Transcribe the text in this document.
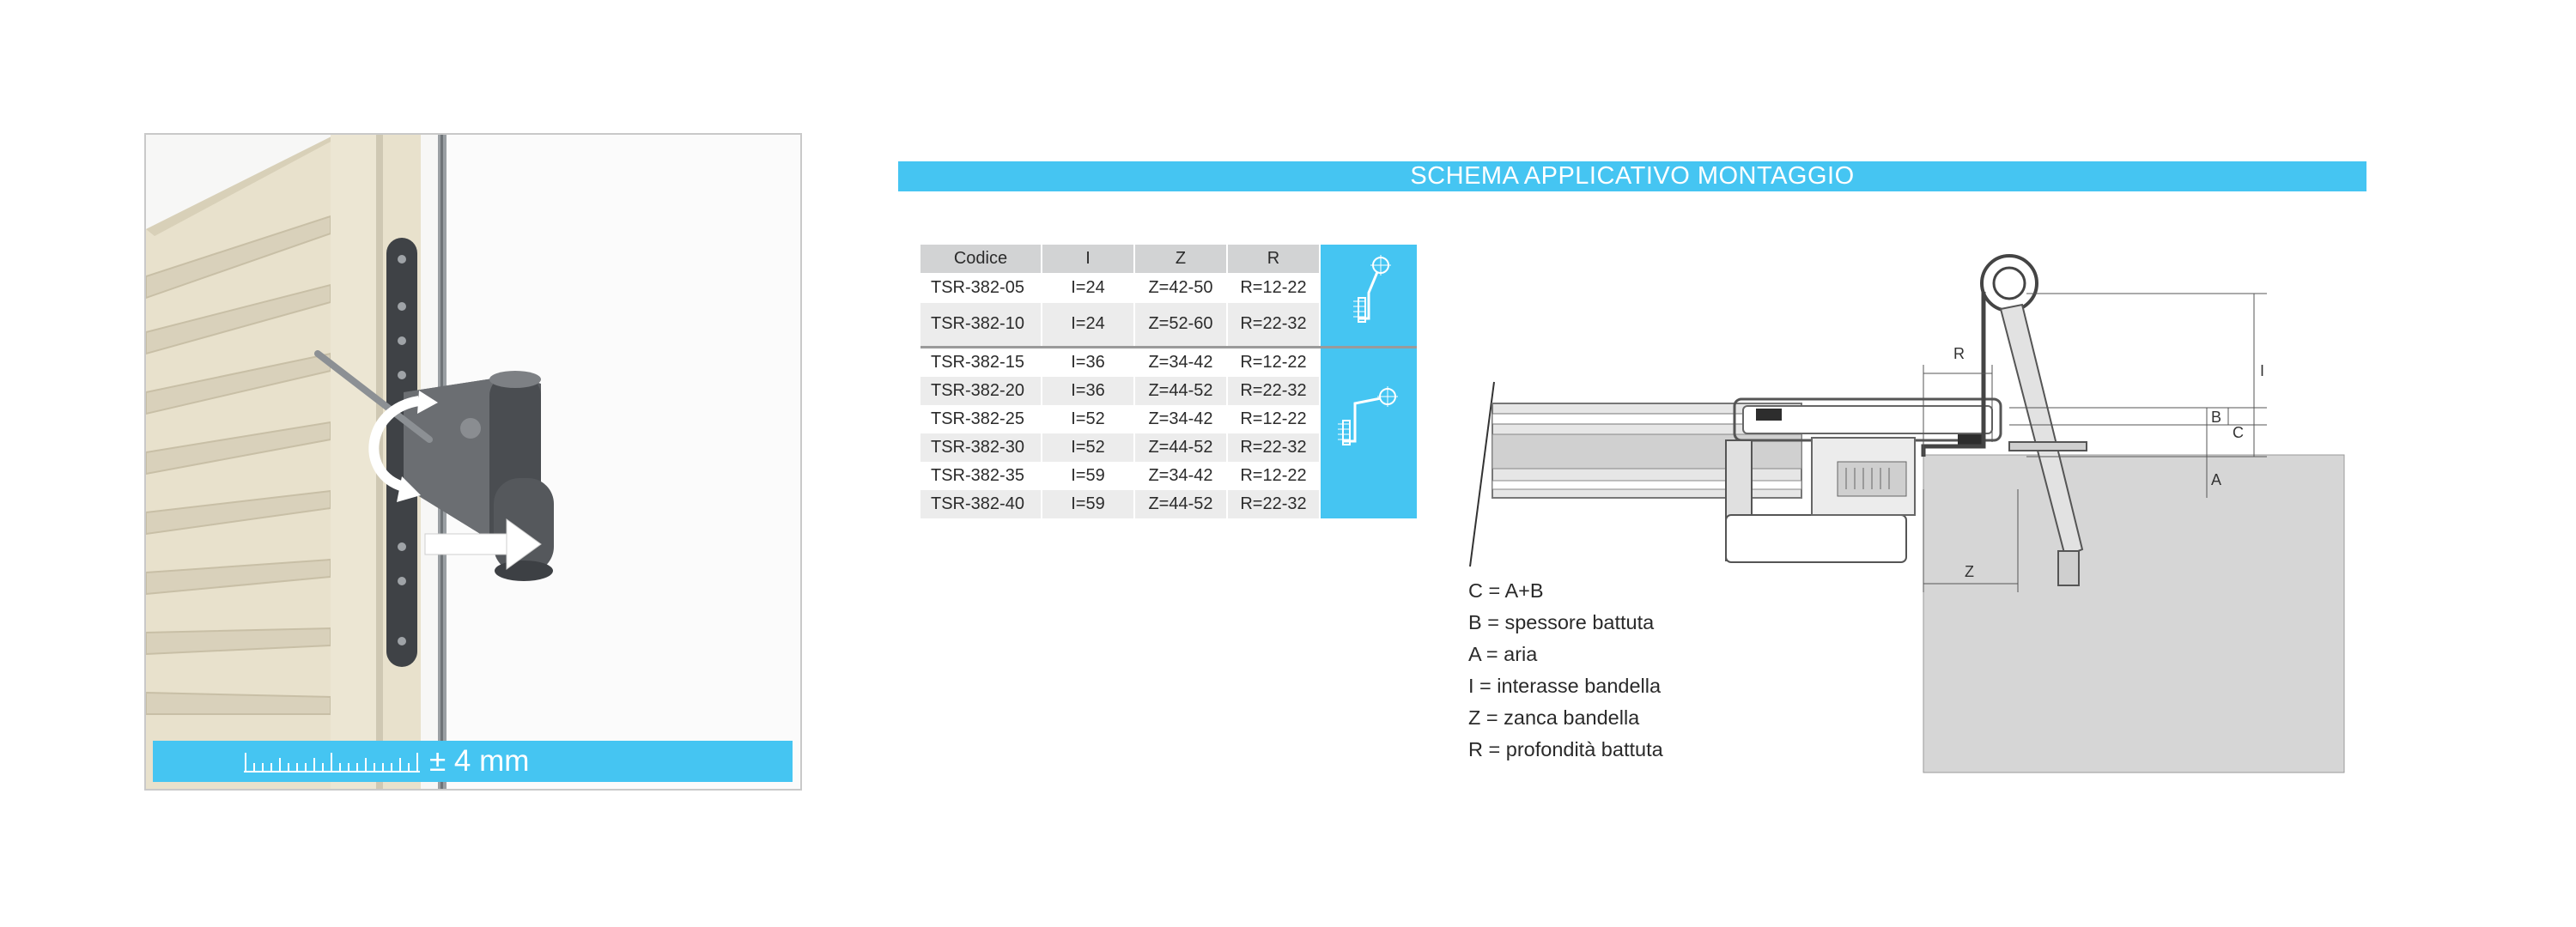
± 4 mm
SCHEMA APPLICATIVO MONTAGGIO
Codice	I	Z	R	
TSR-382-05	I=24	Z=42-50	R=12-22	
TSR-382-10	I=24	Z=52-60	R=22-32	
TSR-382-15	I=36	Z=34-42	R=12-22	
TSR-382-20	I=36	Z=44-52	R=22-32	
TSR-382-25	I=52	Z=34-42	R=12-22	
TSR-382-30	I=52	Z=44-52	R=22-32	
TSR-382-35	I=59	Z=34-42	R=12-22	
TSR-382-40	I=59	Z=44-52	R=22-32	
R
I
B
C
A
Z
C = A+B
B = spessore battuta
A = aria
I = interasse bandella
Z = zanca bandella
R = profondità battuta
